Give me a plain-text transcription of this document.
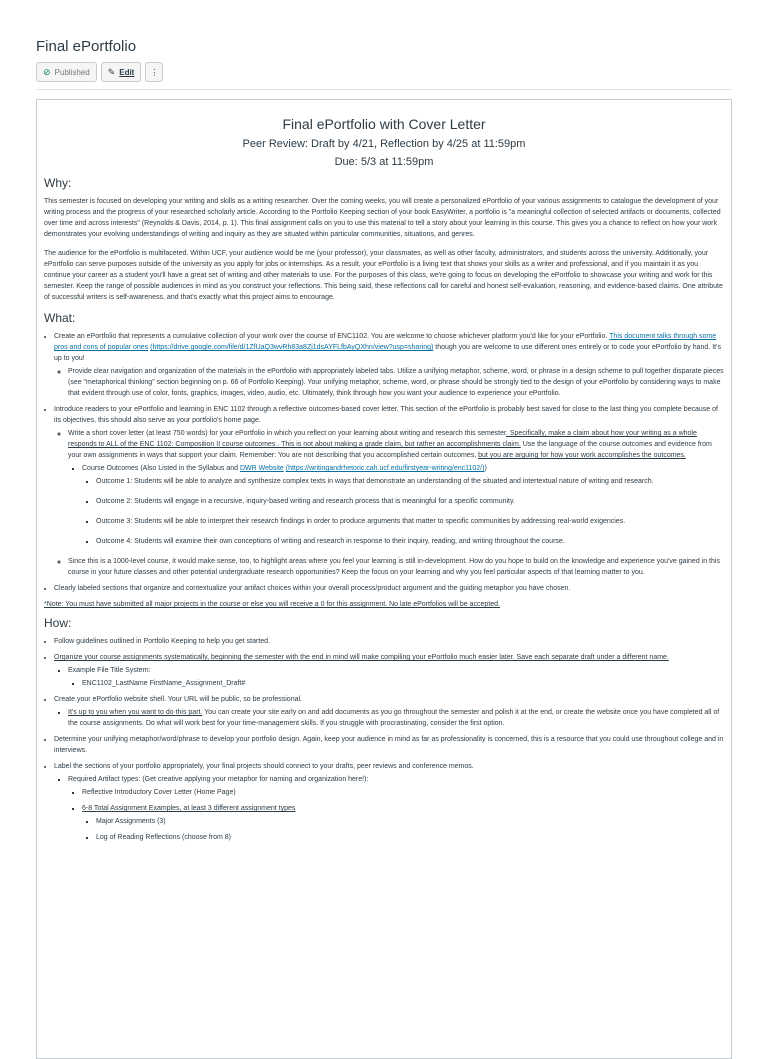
Final ePortfolio
⊘ Published ✎ Edit ⋮
Final ePortfolio with Cover Letter
Peer Review: Draft by 4/21, Reflection by 4/25 at 11:59pm
Due: 5/3 at 11:59pm
Why:

This semester is focused on developing your writing and skills as a writing researcher. Over the coming weeks, you will create a personalized ePortfolio of your various assignments to catalogue the development of your writing process and the progress of your researched scholarly article. According to the Portfolio Keeping section of your book EasyWriter, a portfolio is "a meaningful collection of selected artifacts or documents, collected over time and across interests" (Reynolds & Davis, 2014, p. 1). This final assignment calls on you to use this material to tell a story about your learning in this course. This gives you a chance to reflect on how your work demonstrates your evolving understandings of writing and inquiry as they are situated within particular communities, situations, and genres.

The audience for the ePortfolio is multifaceted. Within UCF, your audience would be me (your professor), your classmates, as well as other faculty, administrators, and students across the university. Additionally, your ePortfolio can serve purposes outside of the university as you apply for jobs or internships. As a result, your ePortfolio is a living text that shows your skills as a writer and professional, and if you maintain it as you continue your career as a student you'll have a great set of writing and other materials to use. For the purposes of this class, we're going to focus on developing the ePortfolio to showcase your writing and work for this semester. Keep the range of possible audiences in mind as you construct your reflections. This being said, these reflections call for careful and honest self-evaluation, reasoning, and evidence-based claims. One attribute of successful writers is self-awareness, and that's exactly what this project aims to encourage.

What:
• Create an ePortfolio that represents a cumulative collection of your work over the course of ENC1102. You are welcome to choose whichever platform you'd like for your ePortfolio. This document talks through some pros and cons of popular ones (https://drive.google.com/file/d/1ZfUaQ3wvRh83a8Zj1dsAYFLfbAyQXhn/view?usp=sharing) though you are welcome to use different ones entirely or to code your ePortfolio by hand. It's up to you!
◦ Provide clear navigation and organization of the materials in the ePortfolio with appropriately labeled tabs. Utilize a unifying metaphor, scheme, word, or phrase in a design scheme to pull together disparate pieces (see "metaphorical thinking" section beginning on p. 66 of Portfolio Keeping). Your unifying metaphor, scheme, word, or phrase should be strongly tied to the design of your ePortfolio by considering ways to make that evident through use of color, fonts, graphics, images, video, audio, etc. Ultimately, think through how you want your audience to experience your ePortfolio.
• Introduce readers to your ePortfolio and learning in ENC 1102 through a reflective outcomes-based cover letter. This section of the ePortfolio is probably best saved for close to the last thing you complete because of its objectives, this should also serve as your portfolio's home page.
◦ Write a short cover letter (at least 750 words) for your ePortfolio in which you reflect on your learning about writing and research this semester. Specifically, make a claim about how your writing as a whole responds to ALL of the ENC 1102: Composition II course outcomes . This is not about making a grade claim, but rather an accomplishments claim. Use the language of the course outcomes and evidence from your own assignments in ways that support your claim. Remember: You are not describing that you accomplished certain outcomes, but you are arguing for how your work accomplishes the outcomes.
▪ Course Outcomes (Also Listed in the Syllabus and DWR Website (https://writingandrhetoric.cah.ucf.edu/firstyear-writing/enc1102/))
▪ Outcome 1: Students will be able to analyze and synthesize complex texts in ways that demonstrate an understanding of the situated and intertextual nature of writing and research.
▪ Outcome 2: Students will engage in a recursive, inquiry-based writing and research process that is meaningful for a specific community.
▪ Outcome 3: Students will be able to interpret their research findings in order to produce arguments that matter to specific communities by addressing real-world exigencies.
▪ Outcome 4: Students will examine their own conceptions of writing and research in response to their inquiry, reading, and writing throughout the course.
◦ Since this is a 1000-level course, it would make sense, too, to highlight areas where you feel your learning is still in-development. How do you hope to build on the knowledge and experience you've gained in this course in your future classes and other potential undergraduate research opportunities? Keep the focus on your learning and why you feel particular aspects of that learning matter to you.
• Clearly labeled sections that organize and contextualize your artifact choices within your overall process/product argument and the guiding metaphor you have chosen.
*Note: You must have submitted all major projects in the course or else you will receive a 0 for this assignment. No late ePortfolios will be accepted.
How:
• Follow guidelines outlined in Portfolio Keeping to help you get started.
• Organize your course assignments systematically, beginning the semester with the end in mind will make compiling your ePortfolio much easier later. Save each separate draft under a different name.
▪ Example File Title System:
▪ ENC1102_LastName FirstName_Assignment_Draft#
• Create your ePortfolio website shell. Your URL will be public, so be professional.
▪ It's up to you when you want to do this part. You can create your site early on and add documents as you go throughout the semester and polish it at the end, or create the website once you have completed all of the course assignments. Do what will work best for your time-management skills. If you struggle with procrastinating, consider the first option.
• Determine your unifying metaphor/word/phrase to develop your portfolio design. Again, keep your audience in mind as far as professionality is concerned, this is a resource that you could use throughout college and in interviews.
• Label the sections of your portfolio appropriately, your final projects should connect to your drafts, peer reviews and conference memos.
▪ Required Artifact types: (Get creative applying your metaphor for naming and organization here!):
▪ Reflective Introductory Cover Letter (Home Page)
▪ 6-8 Total Assignment Examples, at least 3 different assignment types
▪ Major Assignments (3)
▪ Log of Reading Reflections (choose from 8)
